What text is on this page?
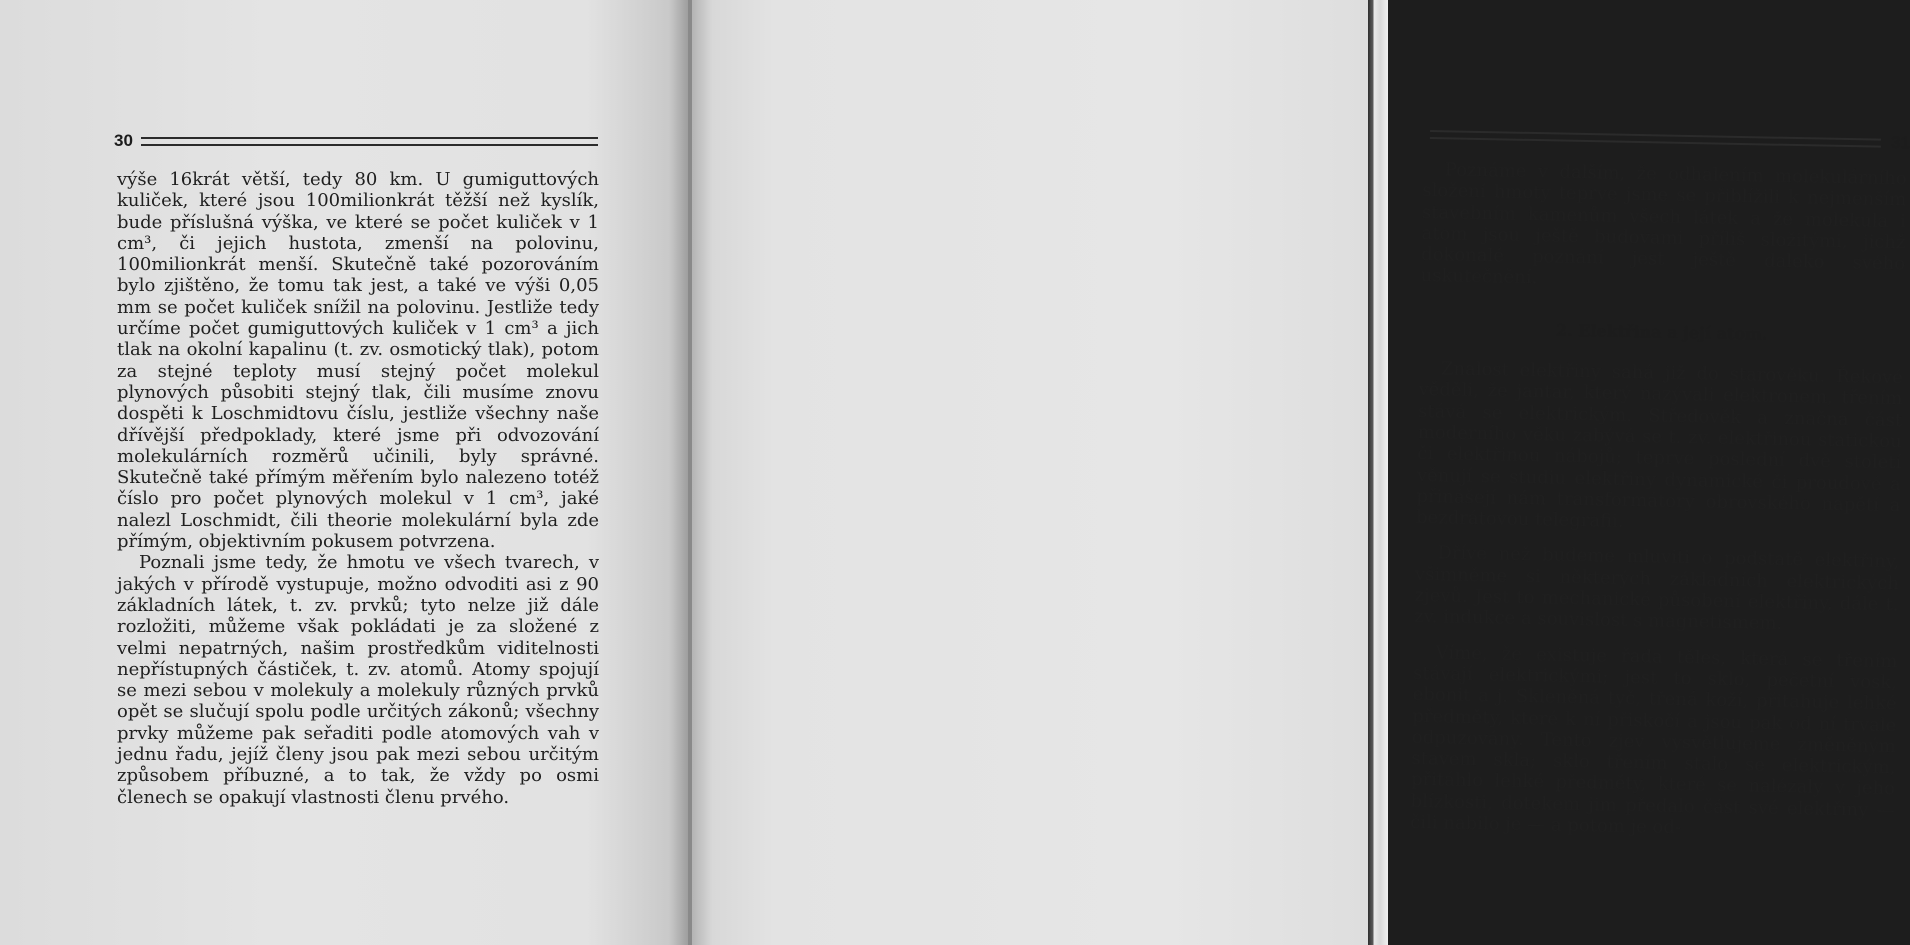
30

výše 16krát větší, tedy 80 km. U gumiguttových kuliček, které jsou 100milionkrát těžší než kyslík, bude příslušná výška, ve které se počet kuliček v 1 cm³, či jejich hustota, zmenší na polovinu, 100milionkrát menší. Skutečně také pozorováním bylo zjištěno, že tomu tak jest, a také ve výši 0,05 mm se počet kuliček snížil na polovinu. Jestliže tedy určíme počet gumiguttových kuliček v 1 cm³ a jich tlak na okolní kapalinu (t. zv. osmotický tlak), potom za stejné teploty musí stejný počet molekul plynových působiti stejný tlak, čili musíme znovu dospěti k Loschmidtovu číslu, jestliže všechny naše dřívější předpoklady, které jsme při odvozování molekulárních rozměrů učinili, byly správné. Skutečně také přímým měřením bylo nalezeno totéž číslo pro počet plynových molekul v 1 cm³, jaké nalezl Loschmidt, čili theorie molekulární byla zde přímým, objektivním pokusem potvrzena.

Poznali jsme tedy, že hmotu ve všech tvarech, v jakých v přírodě vystupuje, možno odvoditi asi z 90 základních látek, t. zv. prvků; tyto nelze již dále rozložiti, můžeme však pokládati je za složené z velmi nepatrných, našim prostředkům viditelnosti nepřístupných částiček, t. zv. atomů. Atomy spojují se mezi sebou v molekuly a molekuly různých prvků opět se slučují spolu podle určitých zákonů; všechny prvky můžeme pak seřaditi podle atomových vah v jednu řadu, jejíž členy jsou pak mezi sebou určitým způsobem příbuzné, a to tak, že vždy po osmi členech se opakují vlastnosti členu prvého.

31

Poznáme v dalším, že odhalením molekulárního složení hmoty teprve jsme se přiblížili k nejmenším stavebním kamenům všech látek a že molekula i atom jsou ještě budovami příliš složitými, jichž dokonalé poznání jest ještě daleko svého uskutečnění.

2. Elektřina a její atom.

Znalost elektřiny sahá již do starověku. Řekové věděli, že jantar, který nazývali elektronem, třením stává se elektrickým. Středověk a značná část moderního věku zabývá se t. zv. elektřinou statickou či elektřinou nábojů; teprve poslední dvě století věnují se studiu elektřiny dynamické či proudové a přinášejí nám transformátory obrovského napětí a bezdrátovou telegrafii.

Dříve než budeme mluviti o podstatě elektřiny, všimněme si některých základních elektrických zjevů. Jest to mechanické působení elektřiny, dále t. zv. indukce a souvislost s magnetismem.

Víme, že existuje řada těles, která se třením stávají elektrickými; jest to sklo, pečetní vosk, ebonit a j. Skleněná tyč, třená koží, přitahuje lehké předměty, které k ní přiskočí a jsou pak od ní trvale odpuzovány. Tento zjev vysvětlujeme změněným stavem skla; sklo třením stalo se elektrickým, přitáhlo lehké předměty, které se nalézaly v jeho blízkosti, dotekem jim předalo část své elektřiny — čili nabilo je — a potom je od-
